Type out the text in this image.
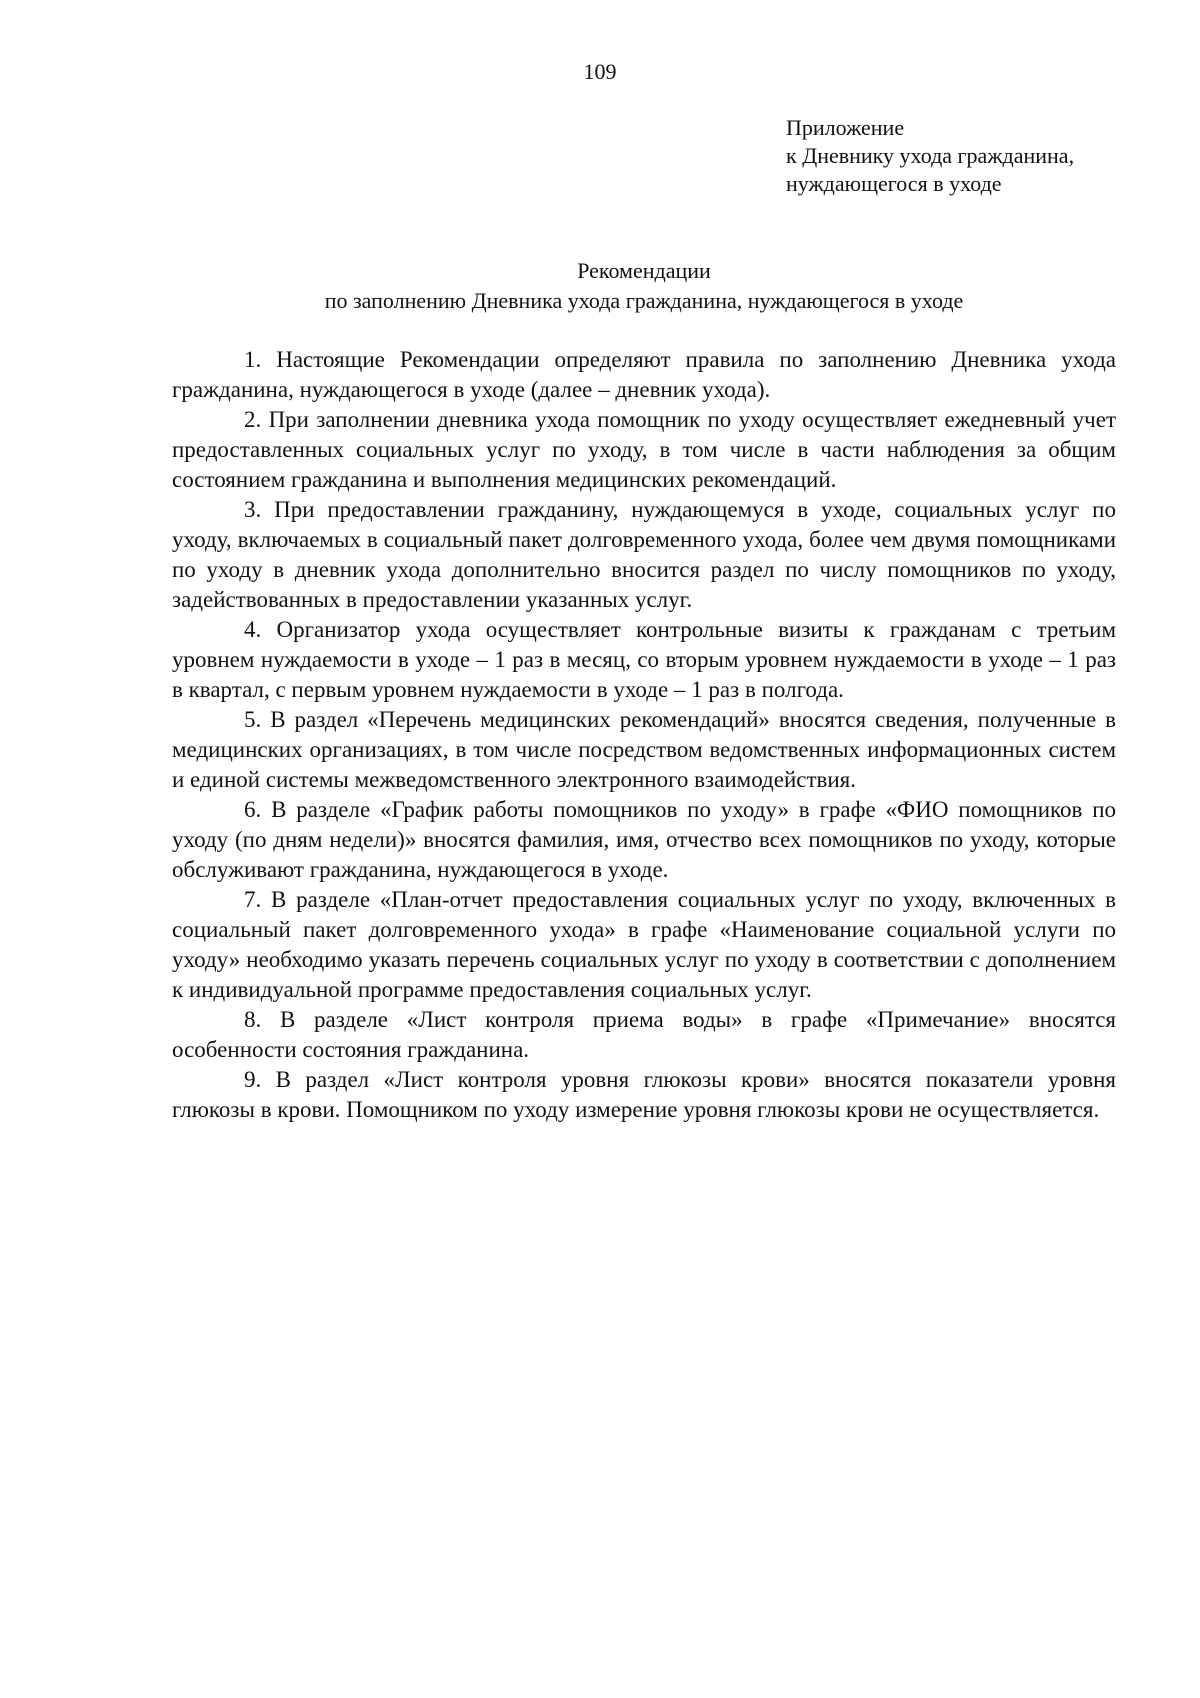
109
Приложение
к Дневнику ухода гражданина,
нуждающегося в уходе
Рекомендации
по заполнению Дневника ухода гражданина, нуждающегося в уходе

1. Настоящие Рекомендации определяют правила по заполнению Дневника ухода гражданина, нуждающегося в уходе (далее – дневник ухода).

2. При заполнении дневника ухода помощник по уходу осуществляет ежедневный учет предоставленных социальных услуг по уходу, в том числе в части наблюдения за общим состоянием гражданина и выполнения медицинских рекомендаций.

3. При предоставлении гражданину, нуждающемуся в уходе, социальных услуг по уходу, включаемых в социальный пакет долговременного ухода, более чем двумя помощниками по уходу в дневник ухода дополнительно вносится раздел по числу помощников по уходу, задействованных в предоставлении указанных услуг.

4. Организатор ухода осуществляет контрольные визиты к гражданам с третьим уровнем нуждаемости в уходе – 1 раз в месяц, со вторым уровнем нуждаемости в уходе – 1 раз в квартал, с первым уровнем нуждаемости в уходе – 1 раз в полгода.

5. В раздел «Перечень медицинских рекомендаций» вносятся сведения, полученные в медицинских организациях, в том числе посредством ведомственных информационных систем и единой системы межведомственного электронного взаимодействия.

6. В разделе «График работы помощников по уходу» в графе «ФИО помощников по уходу (по дням недели)» вносятся фамилия, имя, отчество всех помощников по уходу, которые обслуживают гражданина, нуждающегося в уходе.

7. В разделе «План-отчет предоставления социальных услуг по уходу, включенных в социальный пакет долговременного ухода» в графе «Наименование социальной услуги по уходу» необходимо указать перечень социальных услуг по уходу в соответствии с дополнением к индивидуальной программе предоставления социальных услуг.

8. В разделе «Лист контроля приема воды» в графе «Примечание» вносятся особенности состояния гражданина.

9. В раздел «Лист контроля уровня глюкозы крови» вносятся показатели уровня глюкозы в крови. Помощником по уходу измерение уровня глюкозы крови не осуществляется.
